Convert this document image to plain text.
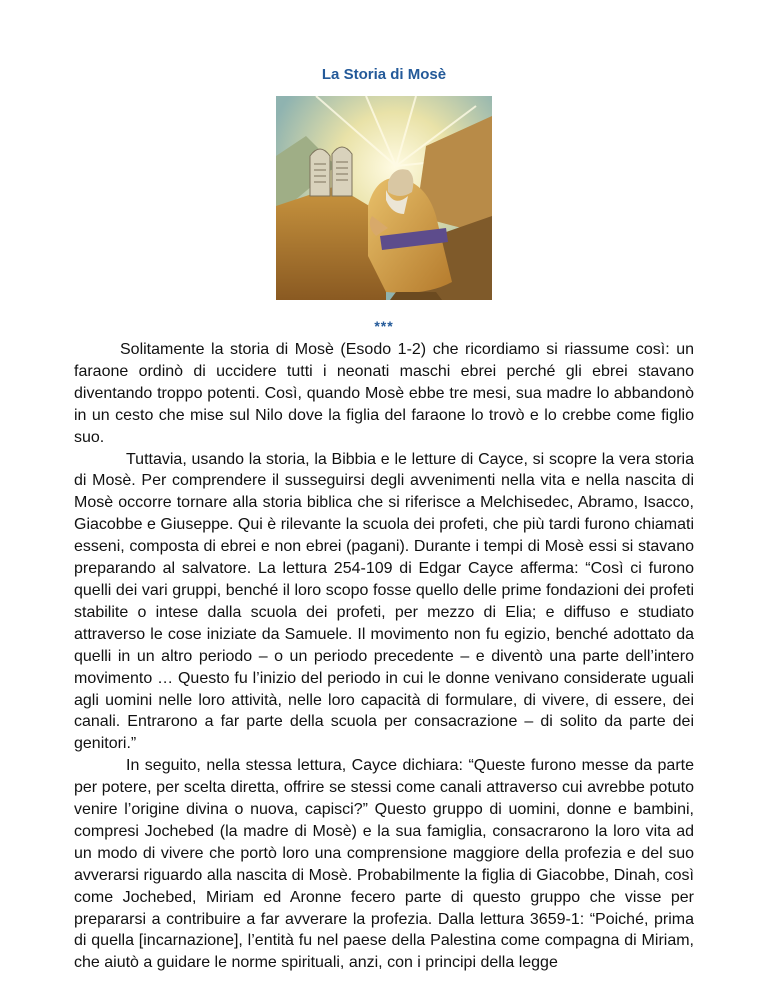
La Storia di Mosè
***

Solitamente la storia di Mosè (Esodo 1-2) che ricordiamo si riassume così: un faraone ordinò di uccidere tutti i neonati maschi ebrei perché gli ebrei stavano diventando troppo potenti. Così, quando Mosè ebbe tre mesi, sua madre lo abbandonò in un cesto che mise sul Nilo dove la figlia del faraone lo trovò e lo crebbe come figlio suo.

Tuttavia, usando la storia, la Bibbia e le letture di Cayce, si scopre la vera storia di Mosè. Per comprendere il susseguirsi degli avvenimenti nella vita e nella nascita di Mosè occorre tornare alla storia biblica che si riferisce a Melchisedec, Abramo, Isacco, Giacobbe e Giuseppe. Qui è rilevante la scuola dei profeti, che più tardi furono chiamati esseni, composta di ebrei e non ebrei (pagani). Durante i tempi di Mosè essi si stavano preparando al salvatore. La lettura 254-109 di Edgar Cayce afferma: “Così ci furono quelli dei vari gruppi, benché il loro scopo fosse quello delle prime fondazioni dei profeti stabilite o intese dalla scuola dei profeti, per mezzo di Elia; e diffuso e studiato attraverso le cose iniziate da Samuele. Il movimento non fu egizio, benché adottato da quelli in un altro periodo – o un periodo precedente – e diventò una parte dell’intero movimento … Questo fu l’inizio del periodo in cui le donne venivano considerate uguali agli uomini nelle loro attività, nelle loro capacità di formulare, di vivere, di essere, dei canali. Entrarono a far parte della scuola per consacrazione – di solito da parte dei genitori.”

In seguito, nella stessa lettura, Cayce dichiara: “Queste furono messe da parte per potere, per scelta diretta, offrire se stessi come canali attraverso cui avrebbe potuto venire l’origine divina o nuova, capisci?” Questo gruppo di uomini, donne e bambini, compresi Jochebed (la madre di Mosè) e la sua famiglia, consacrarono la loro vita ad un modo di vivere che portò loro una comprensione maggiore della profezia e del suo avverarsi riguardo alla nascita di Mosè. Probabilmente la figlia di Giacobbe, Dinah, così come Jochebed, Miriam ed Aronne fecero parte di questo gruppo che visse per prepararsi a contribuire a far avverare la profezia. Dalla lettura 3659-1: “Poiché, prima di quella [incarnazione], l’entità fu nel paese della Palestina come compagna di Miriam, che aiutò a guidare le norme spirituali, anzi, con i principi della legge
